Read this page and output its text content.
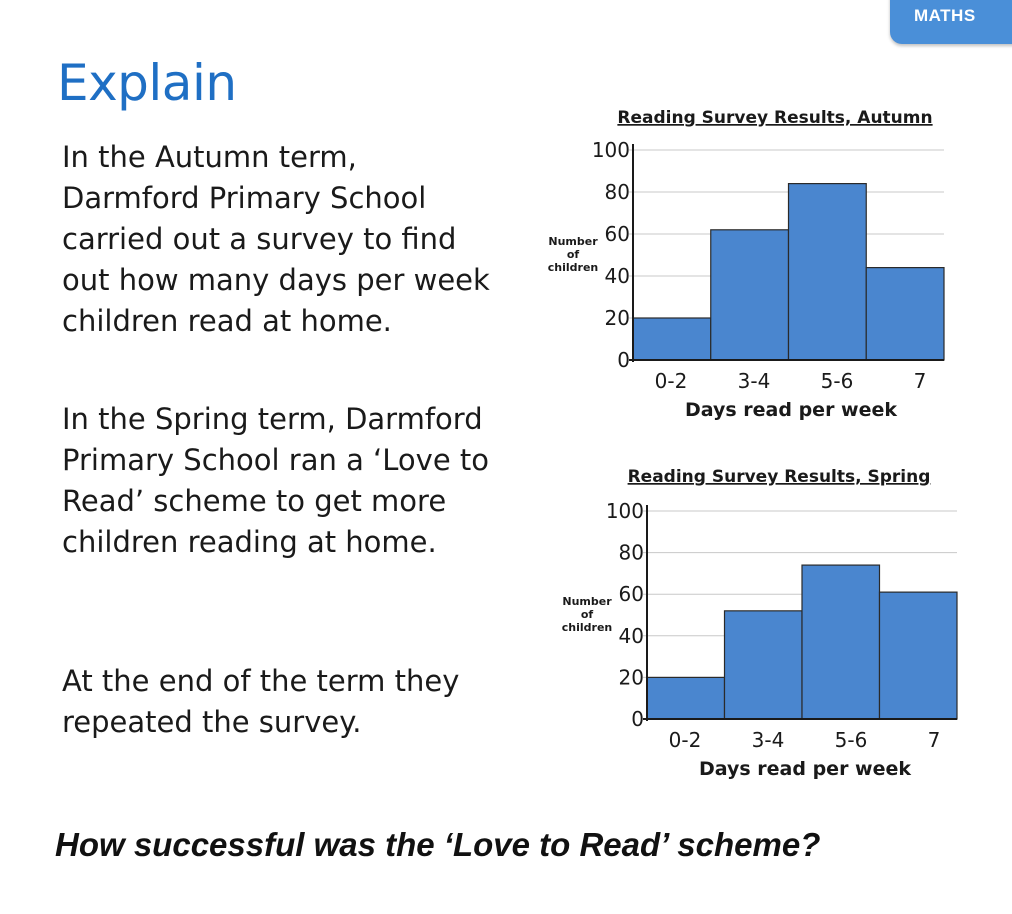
MATHS
Explain

In the Autumn term, Darmford Primary School carried out a survey to find out how many days per week children read at home.

In the Spring term, Darmford Primary School ran a ‘Love to Read’ scheme to get more children reading at home.

At the end of the term they repeated the survey.

How successful was the ‘Love to Read’ scheme?

Reading Survey Results, Autumn
0
20
40
60
80
100
0-2	3-4	5-6	7
Days read per week
Number
of
children
Reading Survey Results, Spring
0
20
40
60
80
100
0-2	3-4	5-6	7
Days read per week
Number
of
children
